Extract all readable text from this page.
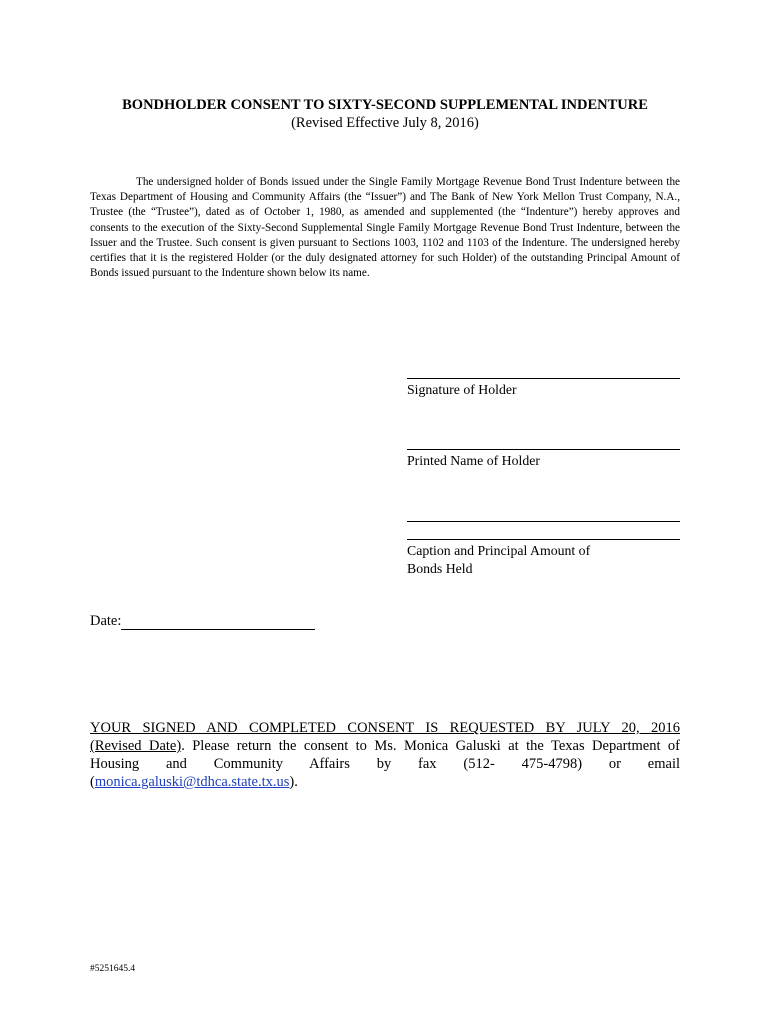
BONDHOLDER CONSENT TO SIXTY-SECOND SUPPLEMENTAL INDENTURE
(Revised Effective July 8, 2016)

The undersigned holder of Bonds issued under the Single Family Mortgage Revenue Bond Trust Indenture between the Texas Department of Housing and Community Affairs (the “Issuer”) and The Bank of New York Mellon Trust Company, N.A., Trustee (the “Trustee”), dated as of October 1, 1980, as amended and supplemented (the “Indenture”) hereby approves and consents to the execution of the Sixty-Second Supplemental Single Family Mortgage Revenue Bond Trust Indenture, between the Issuer and the Trustee. Such consent is given pursuant to Sections 1003, 1102 and 1103 of the Indenture. The undersigned hereby certifies that it is the registered Holder (or the duly designated attorney for such Holder) of the outstanding Principal Amount of Bonds issued pursuant to the Indenture shown below its name.

Signature of Holder
Printed Name of Holder
Caption and Principal Amount of
Bonds Held
Date:
YOUR SIGNED AND COMPLETED CONSENT IS REQUESTED BY JULY 20, 2016
(Revised Date). Please return the consent to Ms. Monica Galuski at the Texas Department of
Housing and Community Affairs by fax (512- 475-4798) or email
(monica.galuski@tdhca.state.tx.us).
#5251645.4
